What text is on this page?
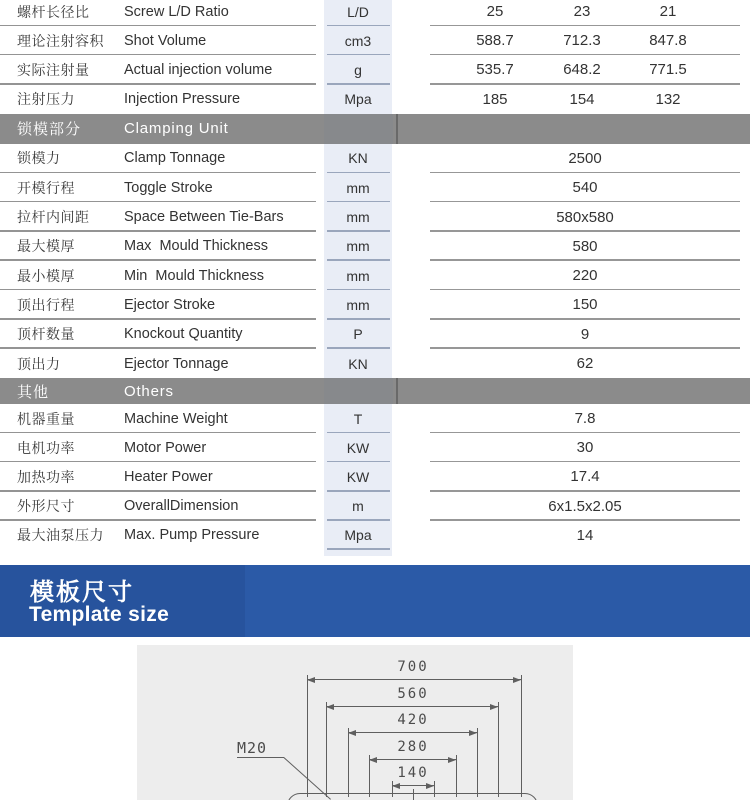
螺杆长径比 Screw L/D Ratio	L/D	25	23	21
理论注射容积 Shot Volume	cm3	588.7	712.3	847.8
实际注射量 Actual injection volume	g	535.7	648.2	771.5
注射压力	Injection Pressure	Mpa	185	154	132
锁模部分	Clamping Unit
锁模力	Clamp Tonnage	KN	2500
开模行程	Toggle Stroke	mm	540
拉杆内间距 Space Between Tie-Bars	mm	580x580
最大模厚	Max  Mould Thickness	mm	580
最小模厚	Min  Mould Thickness	mm	220
顶出行程	Ejector Stroke	mm	150
顶杆数量	Knockout Quantity	P	9
顶出力	Ejector Tonnage	KN	62
其他	Others
机器重量	Machine Weight	T	7.8
电机功率	Motor Power	KW	30
加热功率	Heater Power	KW	17.4
外形尺寸	OverallDimension	m	6x1.5x2.05
最大油泵压力 Max. Pump Pressure	Mpa	14
模板尺寸
Template size
700
560
420
280
140
M20
